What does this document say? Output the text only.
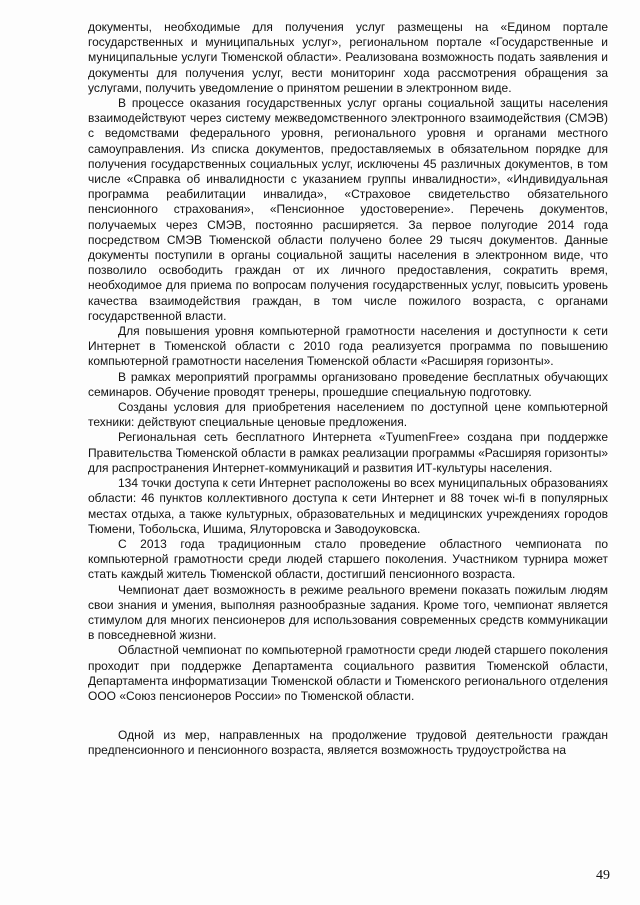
документы, необходимые для получения услуг размещены на «Едином портале государственных и муниципальных услуг», региональном портале «Государственные и муниципальные услуги Тюменской области». Реализована возможность подать заявления и документы для получения услуг, вести мониторинг хода рассмотрения обращения за услугами, получить уведомление о принятом решении в электронном виде.

В процессе оказания государственных услуг органы социальной защиты населения взаимодействуют через систему межведомственного электронного взаимодействия (СМЭВ) с ведомствами федерального уровня, регионального уровня и органами местного самоуправления. Из списка документов, предоставляемых в обязательном порядке для получения государственных социальных услуг, исключены 45 различных документов, в том числе «Справка об инвалидности с указанием группы инвалидности», «Индивидуальная программа реабилитации инвалида», «Страховое свидетельство обязательного пенсионного страхования», «Пенсионное удостоверение». Перечень документов, получаемых через СМЭВ, постоянно расширяется. За первое полугодие 2014 года посредством СМЭВ Тюменской области получено более 29 тысяч документов. Данные документы поступили в органы социальной защиты населения в электронном виде, что позволило освободить граждан от их личного предоставления, сократить время, необходимое для приема по вопросам получения государственных услуг, повысить уровень качества взаимодействия граждан, в том числе пожилого возраста, с органами государственной власти.

Для повышения уровня компьютерной грамотности населения и доступности к сети Интернет в Тюменской области с 2010 года реализуется программа по повышению компьютерной грамотности населения Тюменской области «Расширяя горизонты».

В рамках мероприятий программы организовано проведение бесплатных обучающих семинаров. Обучение проводят тренеры, прошедшие специальную подготовку.

Созданы условия для приобретения населением по доступной цене компьютерной техники: действуют специальные ценовые предложения.

Региональная сеть бесплатного Интернета «TyumenFree» создана при поддержке Правительства Тюменской области в рамках реализации программы «Расширяя горизонты» для распространения Интернет-коммуникаций и развития ИТ-культуры населения.

134 точки доступа к сети Интернет расположены во всех муниципальных образованиях области: 46 пунктов коллективного доступа к сети Интернет и 88 точек wi-fi в популярных местах отдыха, а также культурных, образовательных и медицинских учреждениях городов Тюмени, Тобольска, Ишима, Ялуторовска и Заводоуковска.

С 2013 года традиционным стало проведение областного чемпионата по компьютерной грамотности среди людей старшего поколения. Участником турнира может стать каждый житель Тюменской области, достигший пенсионного возраста.

Чемпионат дает возможность в режиме реального времени показать пожилым людям свои знания и умения, выполняя разнообразные задания. Кроме того, чемпионат является стимулом для многих пенсионеров для использования современных средств коммуникации в повседневной жизни.

Областной чемпионат по компьютерной грамотности среди людей старшего поколения проходит при поддержке Департамента социального развития Тюменской области, Департамента информатизации Тюменской области и Тюменского регионального отделения ООО «Союз пенсионеров России» по Тюменской области.

Одной из мер, направленных на продолжение трудовой деятельности граждан предпенсионного и пенсионного возраста, является возможность трудоустройства на

49
